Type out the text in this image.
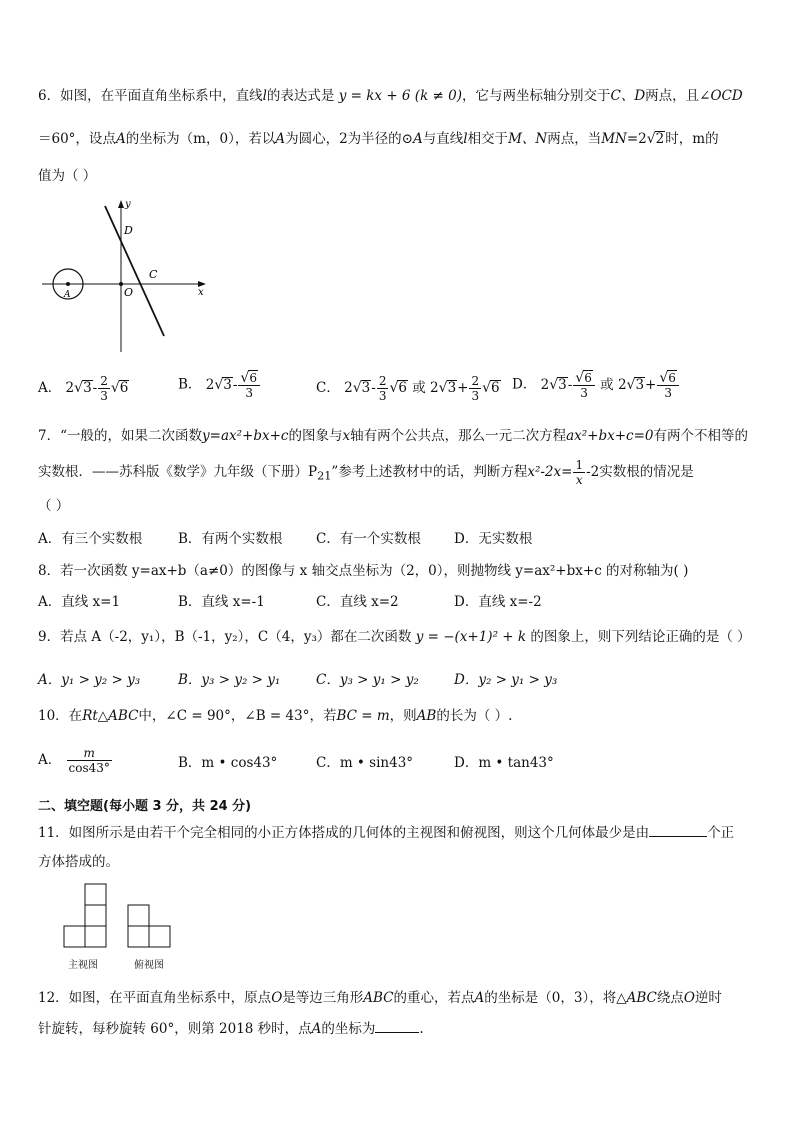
6．如图，在平面直角坐标系中，直线l的表达式是 y = kx + 6 (k ≠ 0)，它与两坐标轴分别交于C、D两点，且∠OCD
＝60°，设点A的坐标为（m，0），若以A为圆心，2为半径的⊙A与直线l相交于M、N两点，当MN=2√2时，m的
值为（ ）
y
D
C
O
A	x
A． $2√3- \frac{2}{3} √6$	B． $2√3- \frac{√6}{3}$	C． $2√3- \frac{2}{3} √6$ 或 $2√3+ \frac{2}{3} √6$ D． $2√3- \frac{√6}{3}$ 或 $2√3+ \frac{√6}{3}$
7．“一般的，如果二次函数y=ax²+bx+c的图象与x轴有两个公共点，那么一元二次方程ax²+bx+c=0有两个不相等的
实数根．——苏科版《数学》九年级（下册）$P_{21}$”参考上述教材中的话，判断方程$x^2-2x= \frac{1}{x} -2$实数根的情况是
（ ）
A．有三个实数根	B．有两个实数根 C．有一个实数根 D．无实数根
8．若一次函数 y=ax+b（a≠0）的图像与 x 轴交点坐标为（2，0），则抛物线 y=ax²+bx+c 的对称轴为( )
A．直线 x=1	B．直线 x=-1	C．直线 x=2	D．直线 x=-2
9．若点 A（-2，y₁），B（-1，y₂），C（4，y₃）都在二次函数 y = −(x+1)² + k 的图象上，则下列结论正确的是（ ）
A．y₁ > y₂ > y₃	B．y₃ > y₂ > y₁	C．y₃ > y₁ > y₂	D．y₂ > y₁ > y₃
10．在Rt△ABC中，∠C = 90°，∠B = 43°，若BC = m，则AB的长为（ ）.
A． $\frac{m}{\cos 43^\circ}$	B．m • cos43°	C．m • sin43°	D．m • tan43°
二、填空题(每小题 3 分，共 24 分)
11．如图所示是由若干个完全相同的小正方体搭成的几何体的主视图和俯视图，则这个几何体最少是由	个正
方体搭成的。
主视图	俯视图
12．如图，在平面直角坐标系中，原点O是等边三角形ABC的重心，若点A的坐标是（0，3），将△ABC绕点O逆时
针旋转，每秒旋转 60°，则第 2018 秒时，点A的坐标为	.
